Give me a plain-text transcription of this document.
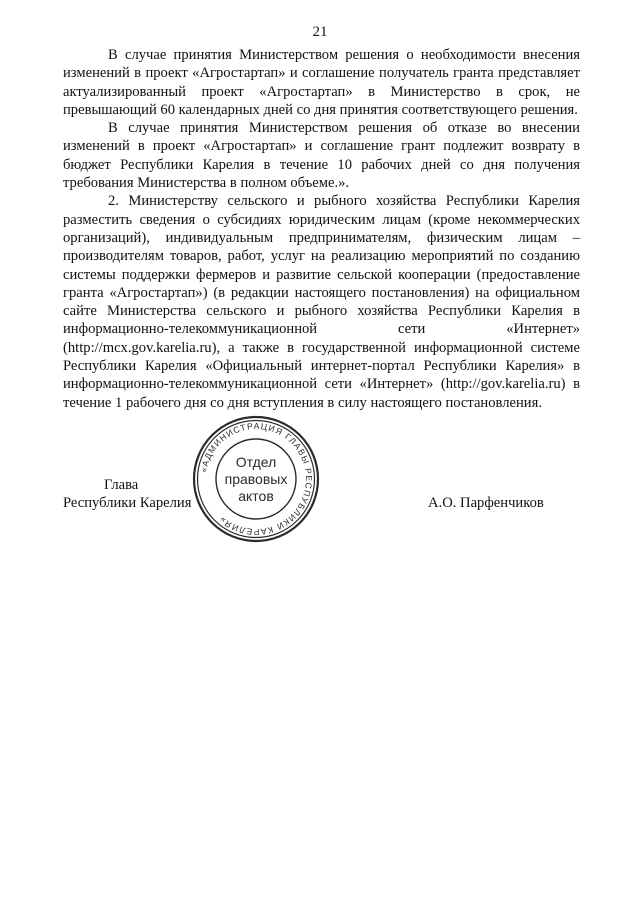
21

В случае принятия Министерством решения о необходимости внесения изменений в проект «Агростартап» и соглашение получатель гранта представляет актуализированный проект «Агростартап» в Министерство в срок, не превышающий 60 календарных дней со дня принятия соответствующего решения.

В случае принятия Министерством решения об отказе во внесении изменений в проект «Агростартап» и соглашение грант подлежит возврату в бюджет Республики Карелия в течение 10 рабочих дней со дня получения требования Министерства в полном объеме.».

2. Министерству сельского и рыбного хозяйства Республики Карелия разместить сведения о субсидиях юридическим лицам (кроме некоммерческих организаций), индивидуальным предпринимателям, физическим лицам – производителям товаров, работ, услуг на реализацию мероприятий по созданию системы поддержки фермеров и развитие сельской кооперации (предоставление гранта «Агростартап») (в редакции настоящего постановления) на официальном сайте Министерства сельского и рыбного хозяйства Республики Карелия в информационно-телекоммуникационной сети «Интернет» (http://mcx.gov.karelia.ru), а также в государственной информационной системе Республики Карелия «Официальный интернет-портал Республики Карелия» в информационно-телекоммуникационной сети «Интернет» (http://gov.karelia.ru) в течение 1 рабочего дня со дня вступления в силу настоящего постановления.

Глава
Республики Карелия
«АДМИНИСТРАЦИЯ ГЛАВЫ РЕСПУБЛИКИ КАРЕЛИЯ»
Отдел
правовых
актов	А.О. Парфенчиков
